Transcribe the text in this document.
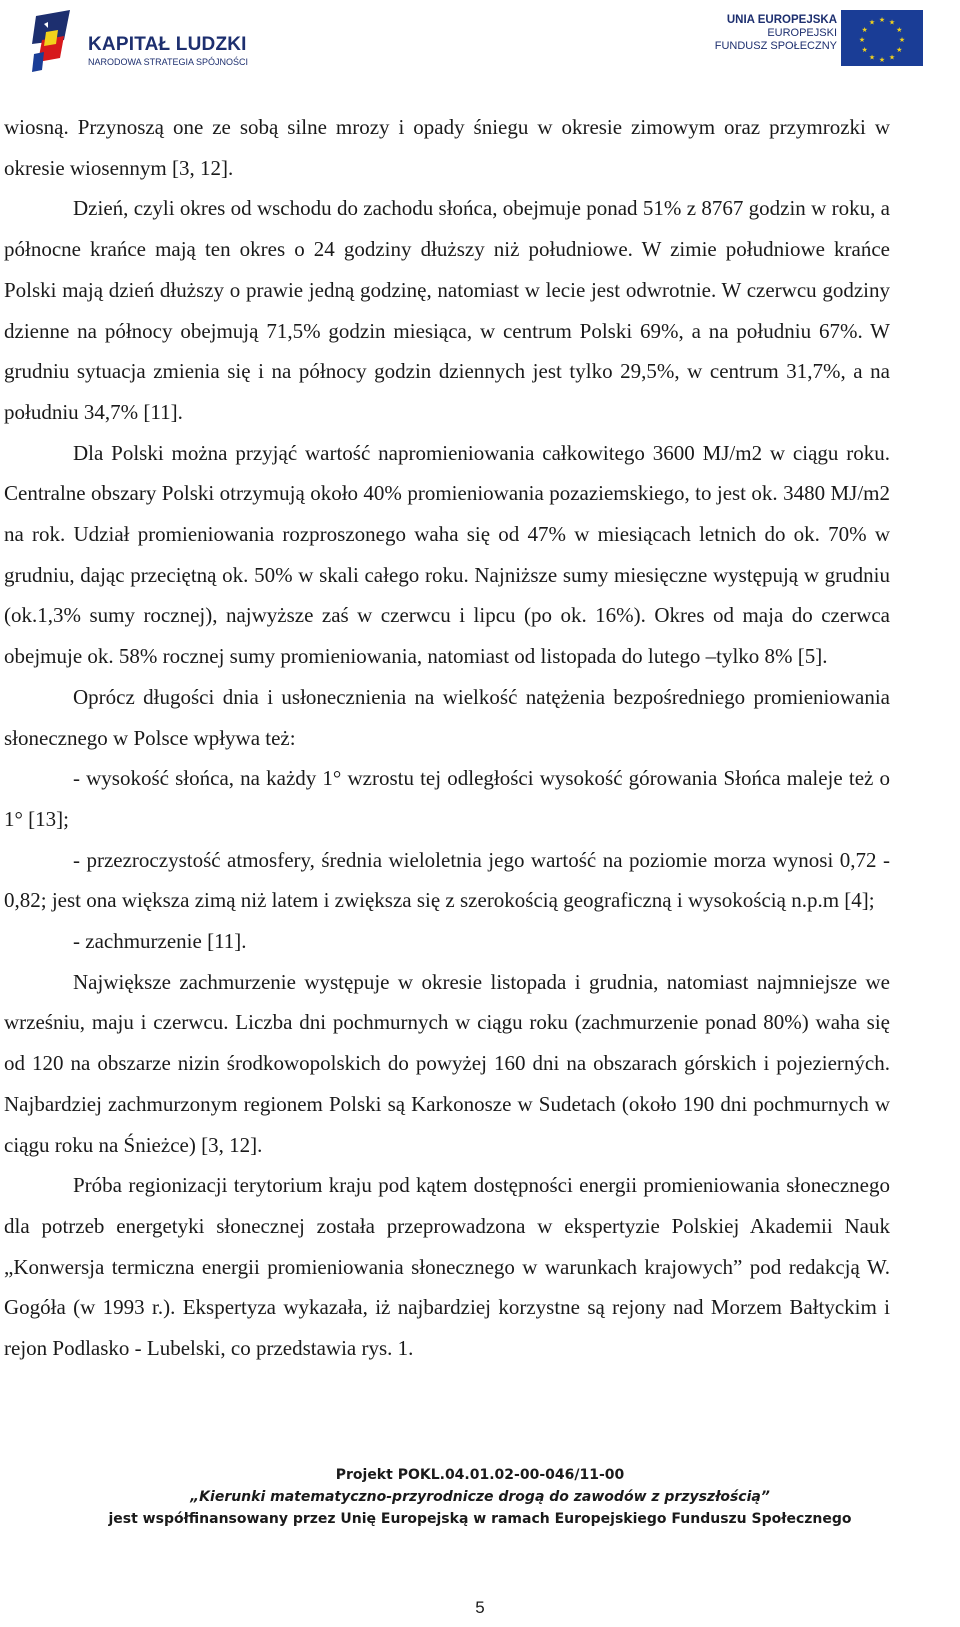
KAPITAŁ LUDZKI
NARODOWA STRATEGIA SPÓJNOŚCI
UNIA EUROPEJSKA
EUROPEJSKI
FUNDUSZ SPOŁECZNY
★ ★
★
★
★
★
★
★
★
★
★
★

wiosną. Przynoszą one ze sobą silne mrozy i opady śniegu w okresie zimowym oraz przymrozki w okresie wiosennym [3, 12].

Dzień, czyli okres od wschodu do zachodu słońca, obejmuje ponad 51% z 8767 godzin w roku, a północne krańce mają ten okres o 24 godziny dłuższy niż południowe. W zimie południowe krańce Polski mają dzień dłuższy o prawie jedną godzinę, natomiast w lecie jest odwrotnie. W czerwcu godziny dzienne na północy obejmują 71,5% godzin miesiąca, w centrum Polski 69%, a na południu 67%. W grudniu sytuacja zmienia się i na północy godzin dziennych jest tylko 29,5%, w centrum 31,7%, a na południu 34,7% [11].

Dla Polski można przyjąć wartość napromieniowania całkowitego 3600 MJ/m2 w ciągu roku. Centralne obszary Polski otrzymują około 40% promieniowania pozaziemskiego, to jest ok. 3480 MJ/m2 na rok. Udział promieniowania rozproszonego waha się od 47% w miesiącach letnich do ok. 70% w grudniu, dając przeciętną ok. 50% w skali całego roku. Najniższe sumy miesięczne występują w grudniu (ok.1,3% sumy rocznej), najwyższe zaś w czerwcu i lipcu (po ok. 16%). Okres od maja do czerwca obejmuje ok. 58% rocznej sumy promieniowania, natomiast od listopada do lutego –tylko 8% [5].

Oprócz długości dnia i usłonecznienia na wielkość natężenia bezpośredniego promieniowania słonecznego w Polsce wpływa też:

- wysokość słońca, na każdy 1° wzrostu tej odległości wysokość górowania Słońca maleje też o 1° [13];

- przezroczystość atmosfery, średnia wieloletnia jego wartość na poziomie morza wynosi 0,72 - 0,82; jest ona większa zimą niż latem i zwiększa się z szerokością geograficzną i wysokością n.p.m [4];

- zachmurzenie [11].

Największe zachmurzenie występuje w okresie listopada i grudnia, natomiast najmniejsze we wrześniu, maju i czerwcu. Liczba dni pochmurnych w ciągu roku (zachmurzenie ponad 80%) waha się od 120 na obszarze nizin środkowopolskich do powyżej 160 dni na obszarach górskich i pojezierných. Najbardziej zachmurzonym regionem Polski są Karkonosze w Sudetach (około 190 dni pochmurnych w ciągu roku na Śnieżce) [3, 12].

Próba regionizacji terytorium kraju pod kątem dostępności energii promieniowania słonecznego dla potrzeb energetyki słonecznej została przeprowadzona w ekspertyzie Polskiej Akademii Nauk „Konwersja termiczna energii promieniowania słonecznego w warunkach krajowych” pod redakcją W. Gogóła (w 1993 r.). Ekspertyza wykazała, iż najbardziej korzystne są rejony nad Morzem Bałtyckim i rejon Podlasko - Lubelski, co przedstawia rys. 1.

Projekt POKL.04.01.02-00-046/11-00
„Kierunki matematyczno-przyrodnicze drogą do zawodów z przyszłością”
jest współfinansowany przez Unię Europejską w ramach Europejskiego Funduszu Społecznego
5
